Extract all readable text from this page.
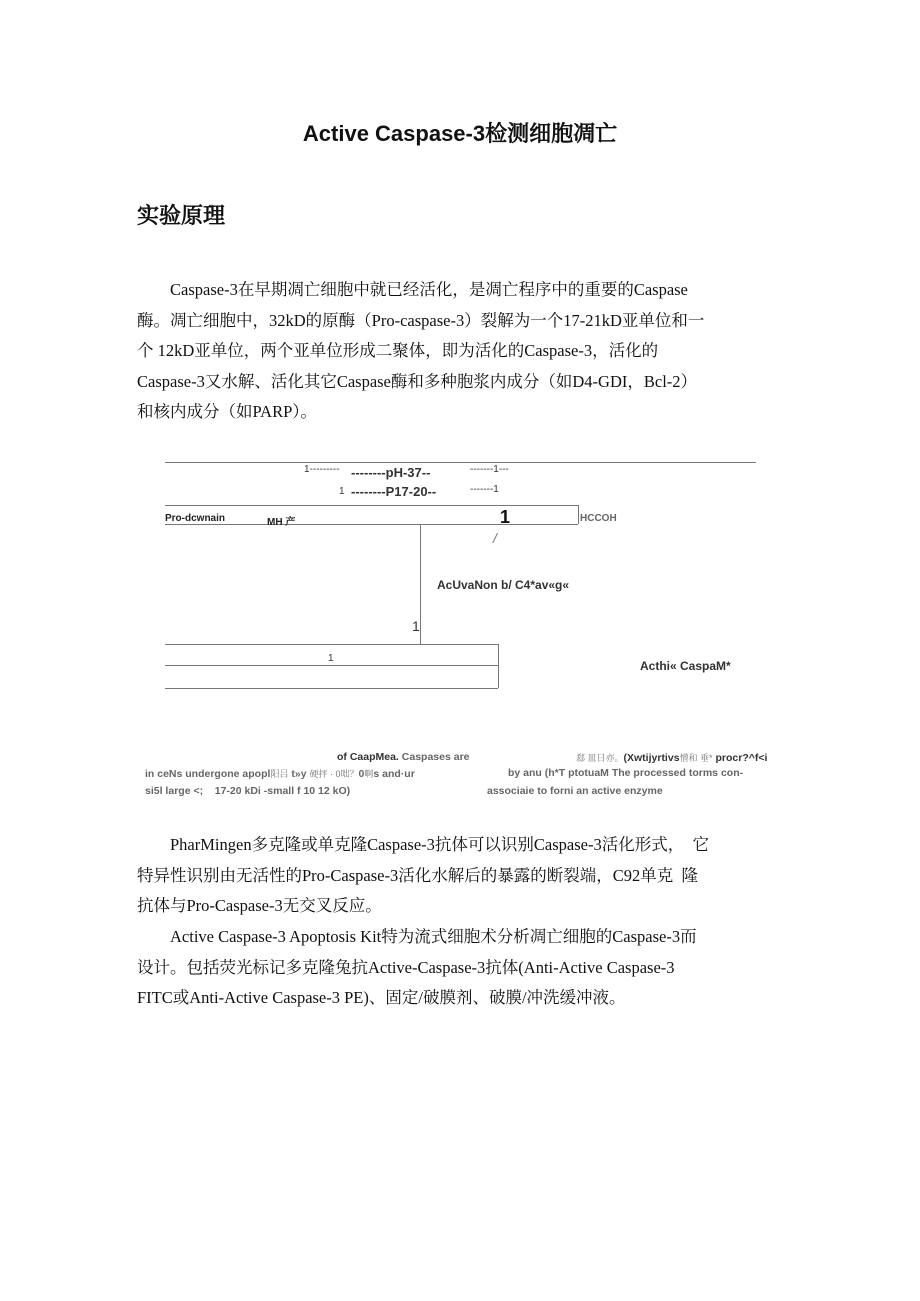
Active Caspase-3检测细胞凋亡
实验原理
Caspase-3在早期凋亡细胞中就已经活化，是凋亡程序中的重要的Caspase
酶。凋亡细胞中，32kD的原酶（Pro-caspase-3）裂解为一个17-21kD亚单位和一
个 12kD亚单位，两个亚单位形成二聚体，即为活化的Caspase-3，活化的
Caspase-3又水解、活化其它Caspase酶和多种胞浆内成分（如D4-GDI，Bcl-2）
和核内成分（如PARP）。
1--------- --------pH-37--	-------1---
1 --------P17-20--	-------1
Pro-dcwnain	MH 产	1	HCCOH
/
AcUvaNon b/ C4*av«g«
1
1
Acthi« CaspaM*
of CaapMea. Caspases are	郄 皿日亦。(Xwtijyrtivs憎和 垂* procr?^f<i
in ceNs undergone apopl阳吕 t»y 硬抨 · 0咄？0啊s and·ur	by anu (h*T ptotuaM The processed torms con-
si5l large <;    17-20 kDi -small f 10 12 kO)	associaie to forni an active enzyme
PharMingen多克隆或单克隆Caspase-3抗体可以识别Caspase-3活化形式，  它
特异性识别由无活性的Pro-Caspase-3活化水解后的暴露的断裂端，C92单克  隆
抗体与Pro-Caspase-3无交叉反应。
Active Caspase-3 Apoptosis Kit特为流式细胞术分析凋亡细胞的Caspase-3而
设计。包括荧光标记多克隆兔抗Active-Caspase-3抗体(Anti-Active Caspase-3
FITC或Anti-Active Caspase-3 PE)、固定/破膜剂、破膜/冲洗缓冲液。
